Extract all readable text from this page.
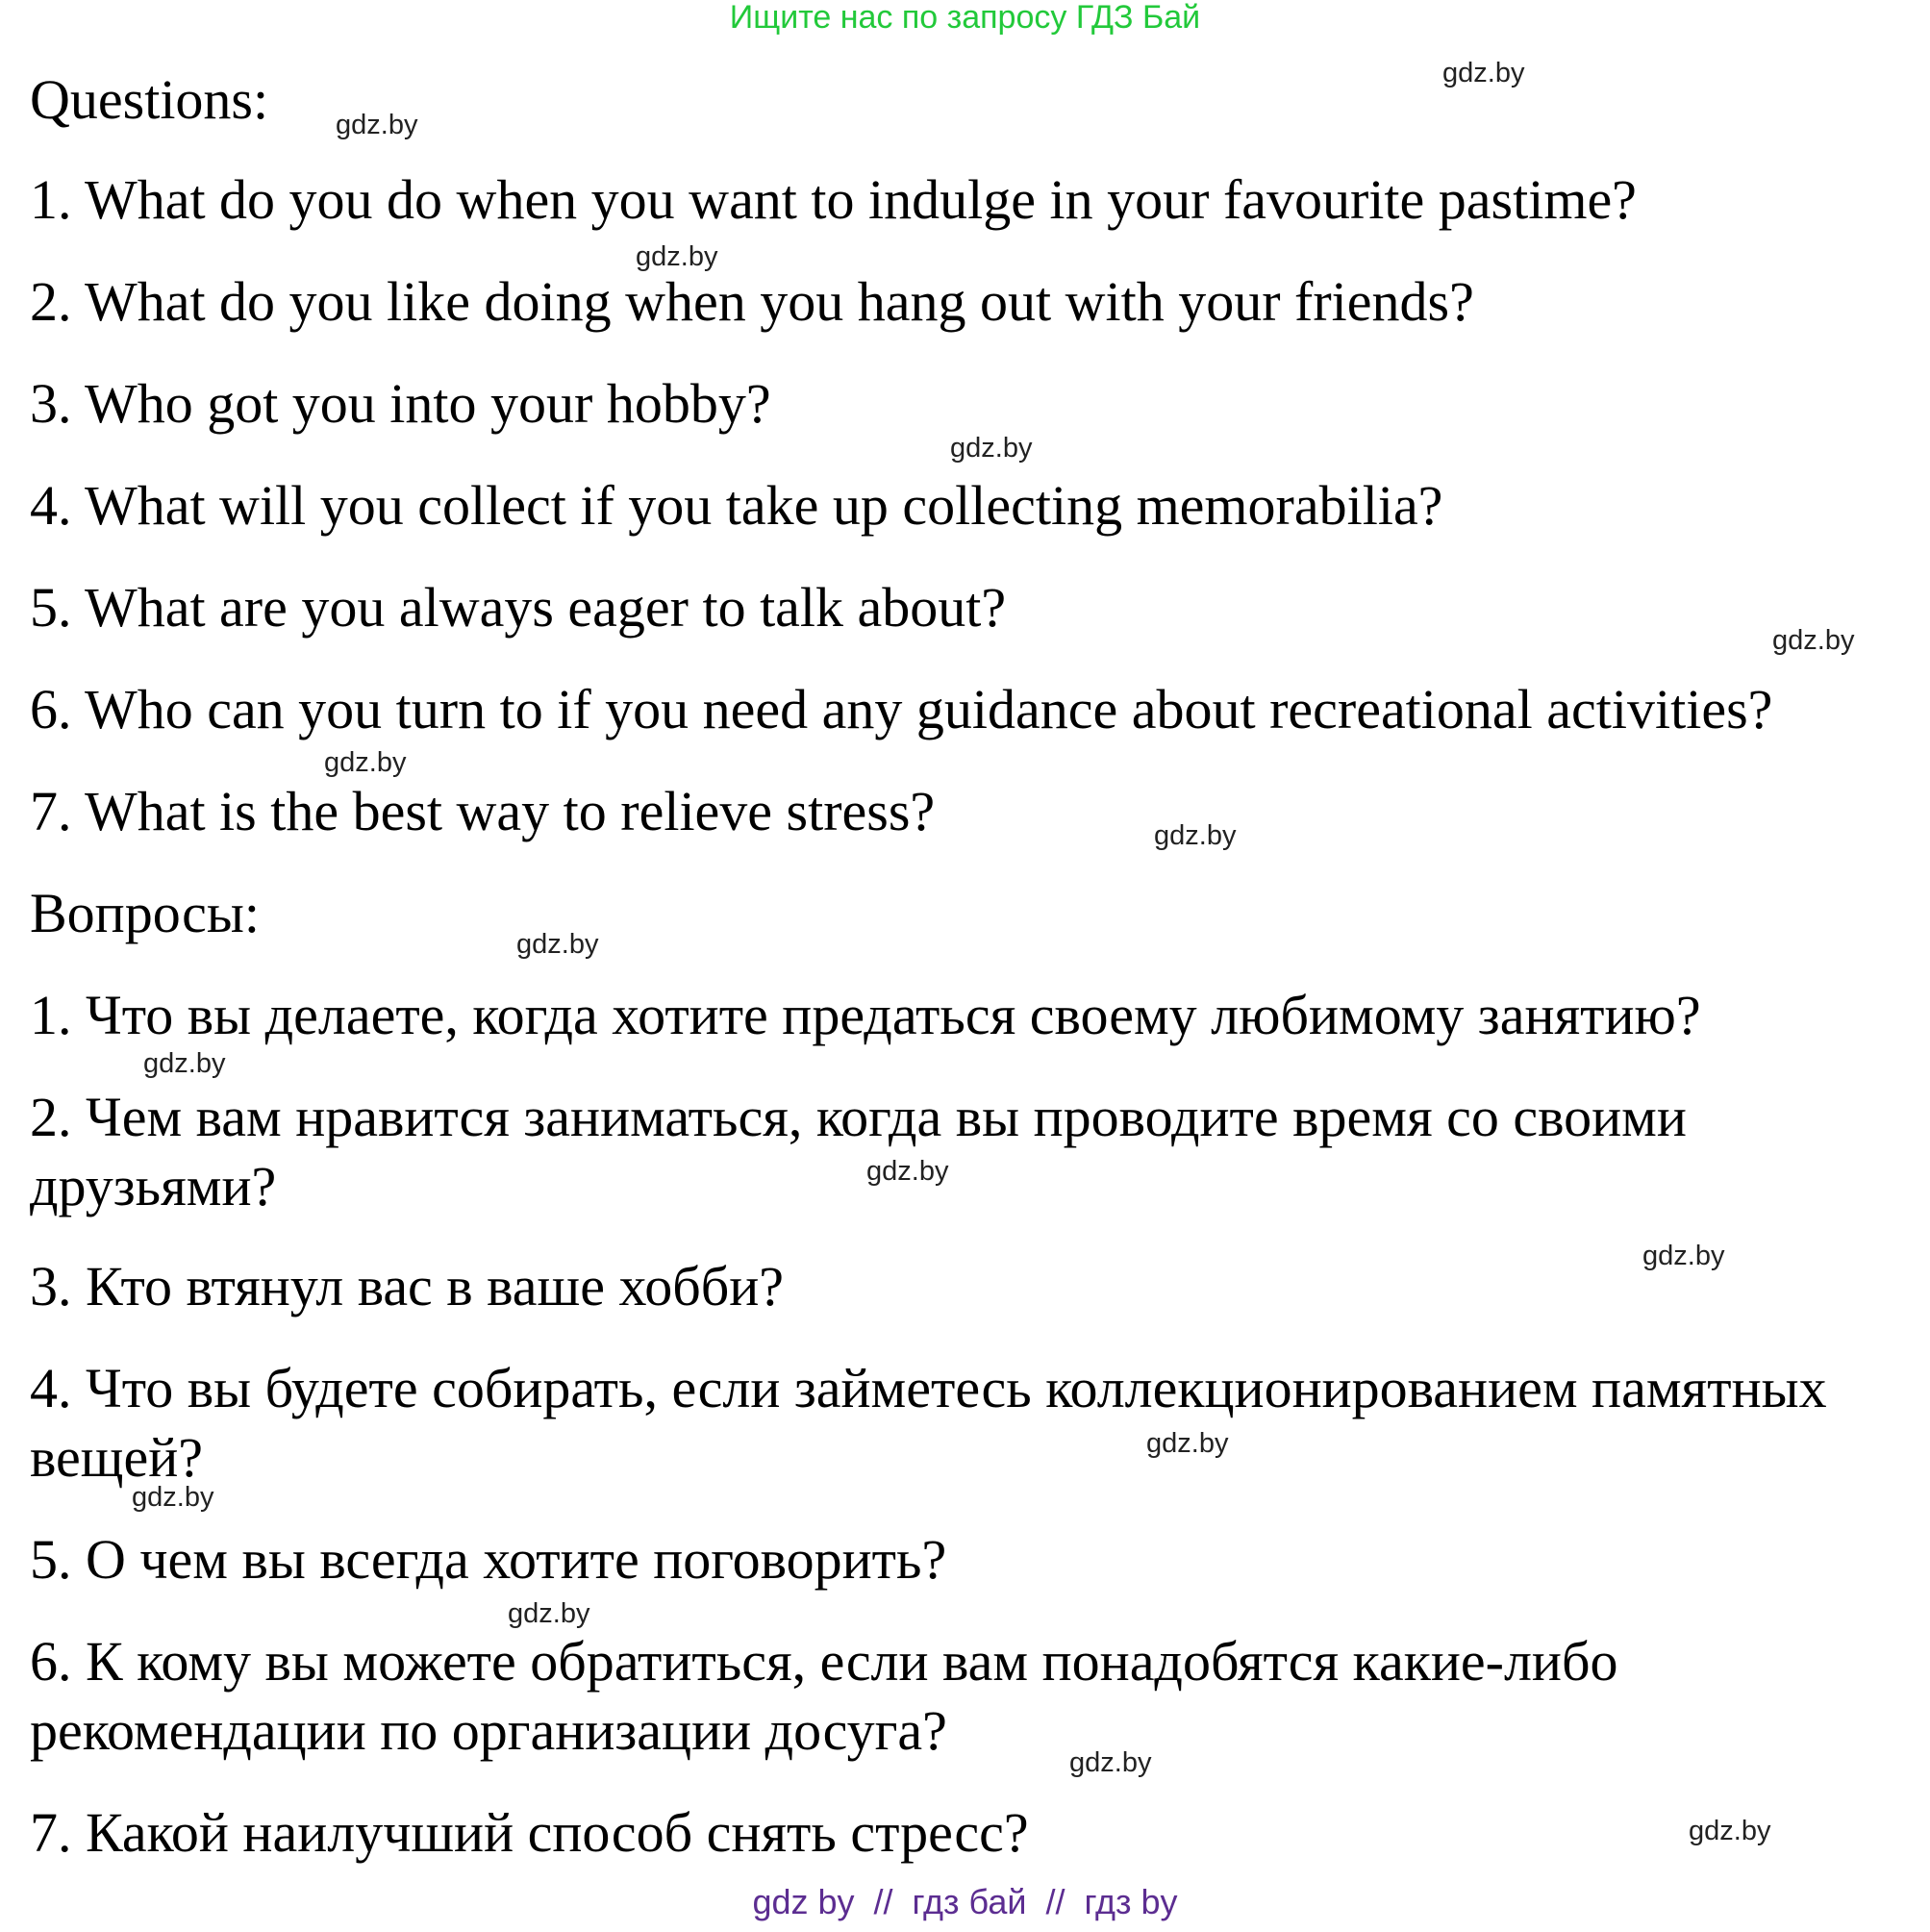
Ищите нас по запросу ГДЗ Бай
Questions:
1. What do you do when you want to indulge in your favourite pastime?
2. What do you like doing when you hang out with your friends?
3. Who got you into your hobby?
4. What will you collect if you take up collecting memorabilia?
5. What are you always eager to talk about?
6. Who can you turn to if you need any guidance about recreational activities?
7. What is the best way to relieve stress?
Вопросы:
1. Что вы делаете, когда хотите предаться своему любимому занятию?
2. Чем вам нравится заниматься, когда вы проводите время со своими
друзьями?
3. Кто втянул вас в ваше хобби?
4. Что вы будете собирать, если займетесь коллекционированием памятных
вещей?
5. О чем вы всегда хотите поговорить?
6. К кому вы можете обратиться, если вам понадобятся какие-либо
рекомендации по организации досуга?
7. Какой наилучший способ снять стресс?
gdz.by
gdz.by
gdz.by
gdz.by
gdz.by
gdz.by
gdz.by
gdz.by
gdz.by
gdz.by
gdz.by
gdz.by
gdz.by
gdz.by
gdz.by
gdz.by
gdz by  //  гдз бай  //  гдз by
